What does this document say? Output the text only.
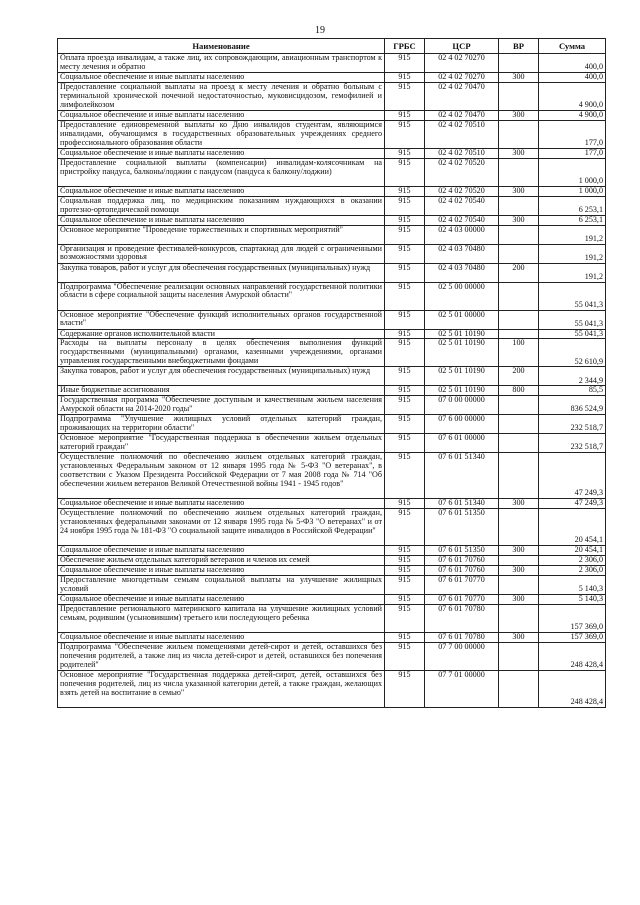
19
Наименование	ГРБС	ЦСР	ВР	Сумма
Оплата проезда инвалидам, а также лиц, их сопровождающим, авиационным транспортом к месту лечения и обратно	915	02 4 02 70270		400,0
Социальное обеспечение и иные выплаты населению	915	02 4 02 70270	300	400,0
Предоставление социальной выплаты на проезд к месту лечения и обратно больным с терминальной хронической почечной недостаточностью, муковисцидозом, гемофилией и лимфолейкозом	915	02 4 02 70470		4 900,0
Социальное обеспечение и иные выплаты населению	915	02 4 02 70470	300	4 900,0
Предоставление единовременной выплаты ко Дню инвалидов студентам, являющимся инвалидами, обучающимся в государственных образовательных учреждениях среднего профессионального образования области	915	02 4 02 70510		177,0
Социальное обеспечение и иные выплаты населению	915	02 4 02 70510	300	177,0
Предоставление социальной выплаты (компенсации) инвалидам-колясочникам на пристройку пандуса, балконы/лоджии с пандусом (пандуса к балкону/лоджии)	915	02 4 02 70520		1 000,0
Социальное обеспечение и иные выплаты населению	915	02 4 02 70520	300	1 000,0
Социальная поддержка лиц, по медицинским показаниям нуждающихся в оказании протезно-ортопедической помощи	915	02 4 02 70540		6 253,1
Социальное обеспечение и иные выплаты населению	915	02 4 02 70540	300	6 253,1
Основное мероприятие "Проведение торжественных и спортивных мероприятий"	915	02 4 03 00000		191,2
Организация и проведение фестивалей-конкурсов, спартакиад для людей с ограниченными возможностями здоровья	915	02 4 03 70480		191,2
Закупка товаров, работ и услуг для обеспечения государственных (муниципальных) нужд	915	02 4 03 70480	200	191,2
Подпрограмма "Обеспечение реализации основных направлений государственной политики области в сфере социальной защиты населения Амурской области"	915	02 5 00 00000		55 041,3
Основное мероприятие "Обеспечение функций исполнительных органов государственной власти"	915	02 5 01 00000		55 041,3
Содержание органов исполнительной власти	915	02 5 01 10190		55 041,3
Расходы на выплаты персоналу в целях обеспечения выполнения функций государственными (муниципальными) органами, казенными учреждениями, органами управления государственными внебюджетными фондами	915	02 5 01 10190	100	52 610,9
Закупка товаров, работ и услуг для обеспечения государственных (муниципальных) нужд	915	02 5 01 10190	200	2 344,9
Иные бюджетные ассигнования	915	02 5 01 10190	800	85,5
Государственная программа "Обеспечение доступным и качественным жильем населения Амурской области на 2014-2020 годы"	915	07 0 00 00000		836 524,9
Подпрограмма "Улучшение жилищных условий отдельных категорий граждан, проживающих на территории области"	915	07 6 00 00000		232 518,7
Основное мероприятие "Государственная поддержка в обеспечении жильем отдельных категорий граждан"	915	07 6 01 00000		232 518,7
Осуществление полномочий по обеспечению жильем отдельных категорий граждан, установленных Федеральным законом от 12 января 1995 года № 5-ФЗ "О ветеранах", в соответствии с Указом Президента Российской Федерации от 7 мая 2008 года № 714 "Об обеспечении жильем ветеранов Великой Отечественной войны 1941 - 1945 годов"	915	07 6 01 51340		47 249,3
Социальное обеспечение и иные выплаты населению	915	07 6 01 51340	300	47 249,3
Осуществление полномочий по обеспечению жильем отдельных категорий граждан, установленных федеральными законами от 12 января 1995 года № 5-ФЗ "О ветеранах" и от 24 ноября 1995 года № 181-ФЗ "О социальной защите инвалидов в Российской Федерации"	915	07 6 01 51350		20 454,1
Социальное обеспечение и иные выплаты населению	915	07 6 01 51350	300	20 454,1
Обеспечение жильем отдельных категорий ветеранов и членов их семей	915	07 6 01 70760		2 306,0
Социальное обеспечение и иные выплаты населению	915	07 6 01 70760	300	2 306,0
Предоставление многодетным семьям социальной выплаты на улучшение жилищных условий	915	07 6 01 70770		5 140,3
Социальное обеспечение и иные выплаты населению	915	07 6 01 70770	300	5 140,3
Предоставление регионального материнского капитала на улучшение жилищных условий семьям, родившим (усыновившим) третьего или последующего ребенка	915	07 6 01 70780		157 369,0
Социальное обеспечение и иные выплаты населению	915	07 6 01 70780	300	157 369,0
Подпрограмма "Обеспечение жильем помещениями детей-сирот и детей, оставшихся без попечения родителей, а также лиц из числа детей-сирот и детей, оставшихся без попечения родителей"	915	07 7 00 00000		248 428,4
Основное мероприятие "Государственная поддержка детей-сирот, детей, оставшихся без попечения родителей, лиц из числа указанной категории детей, а также граждан, желающих взять детей на воспитание в семью"	915	07 7 01 00000		248 428,4
